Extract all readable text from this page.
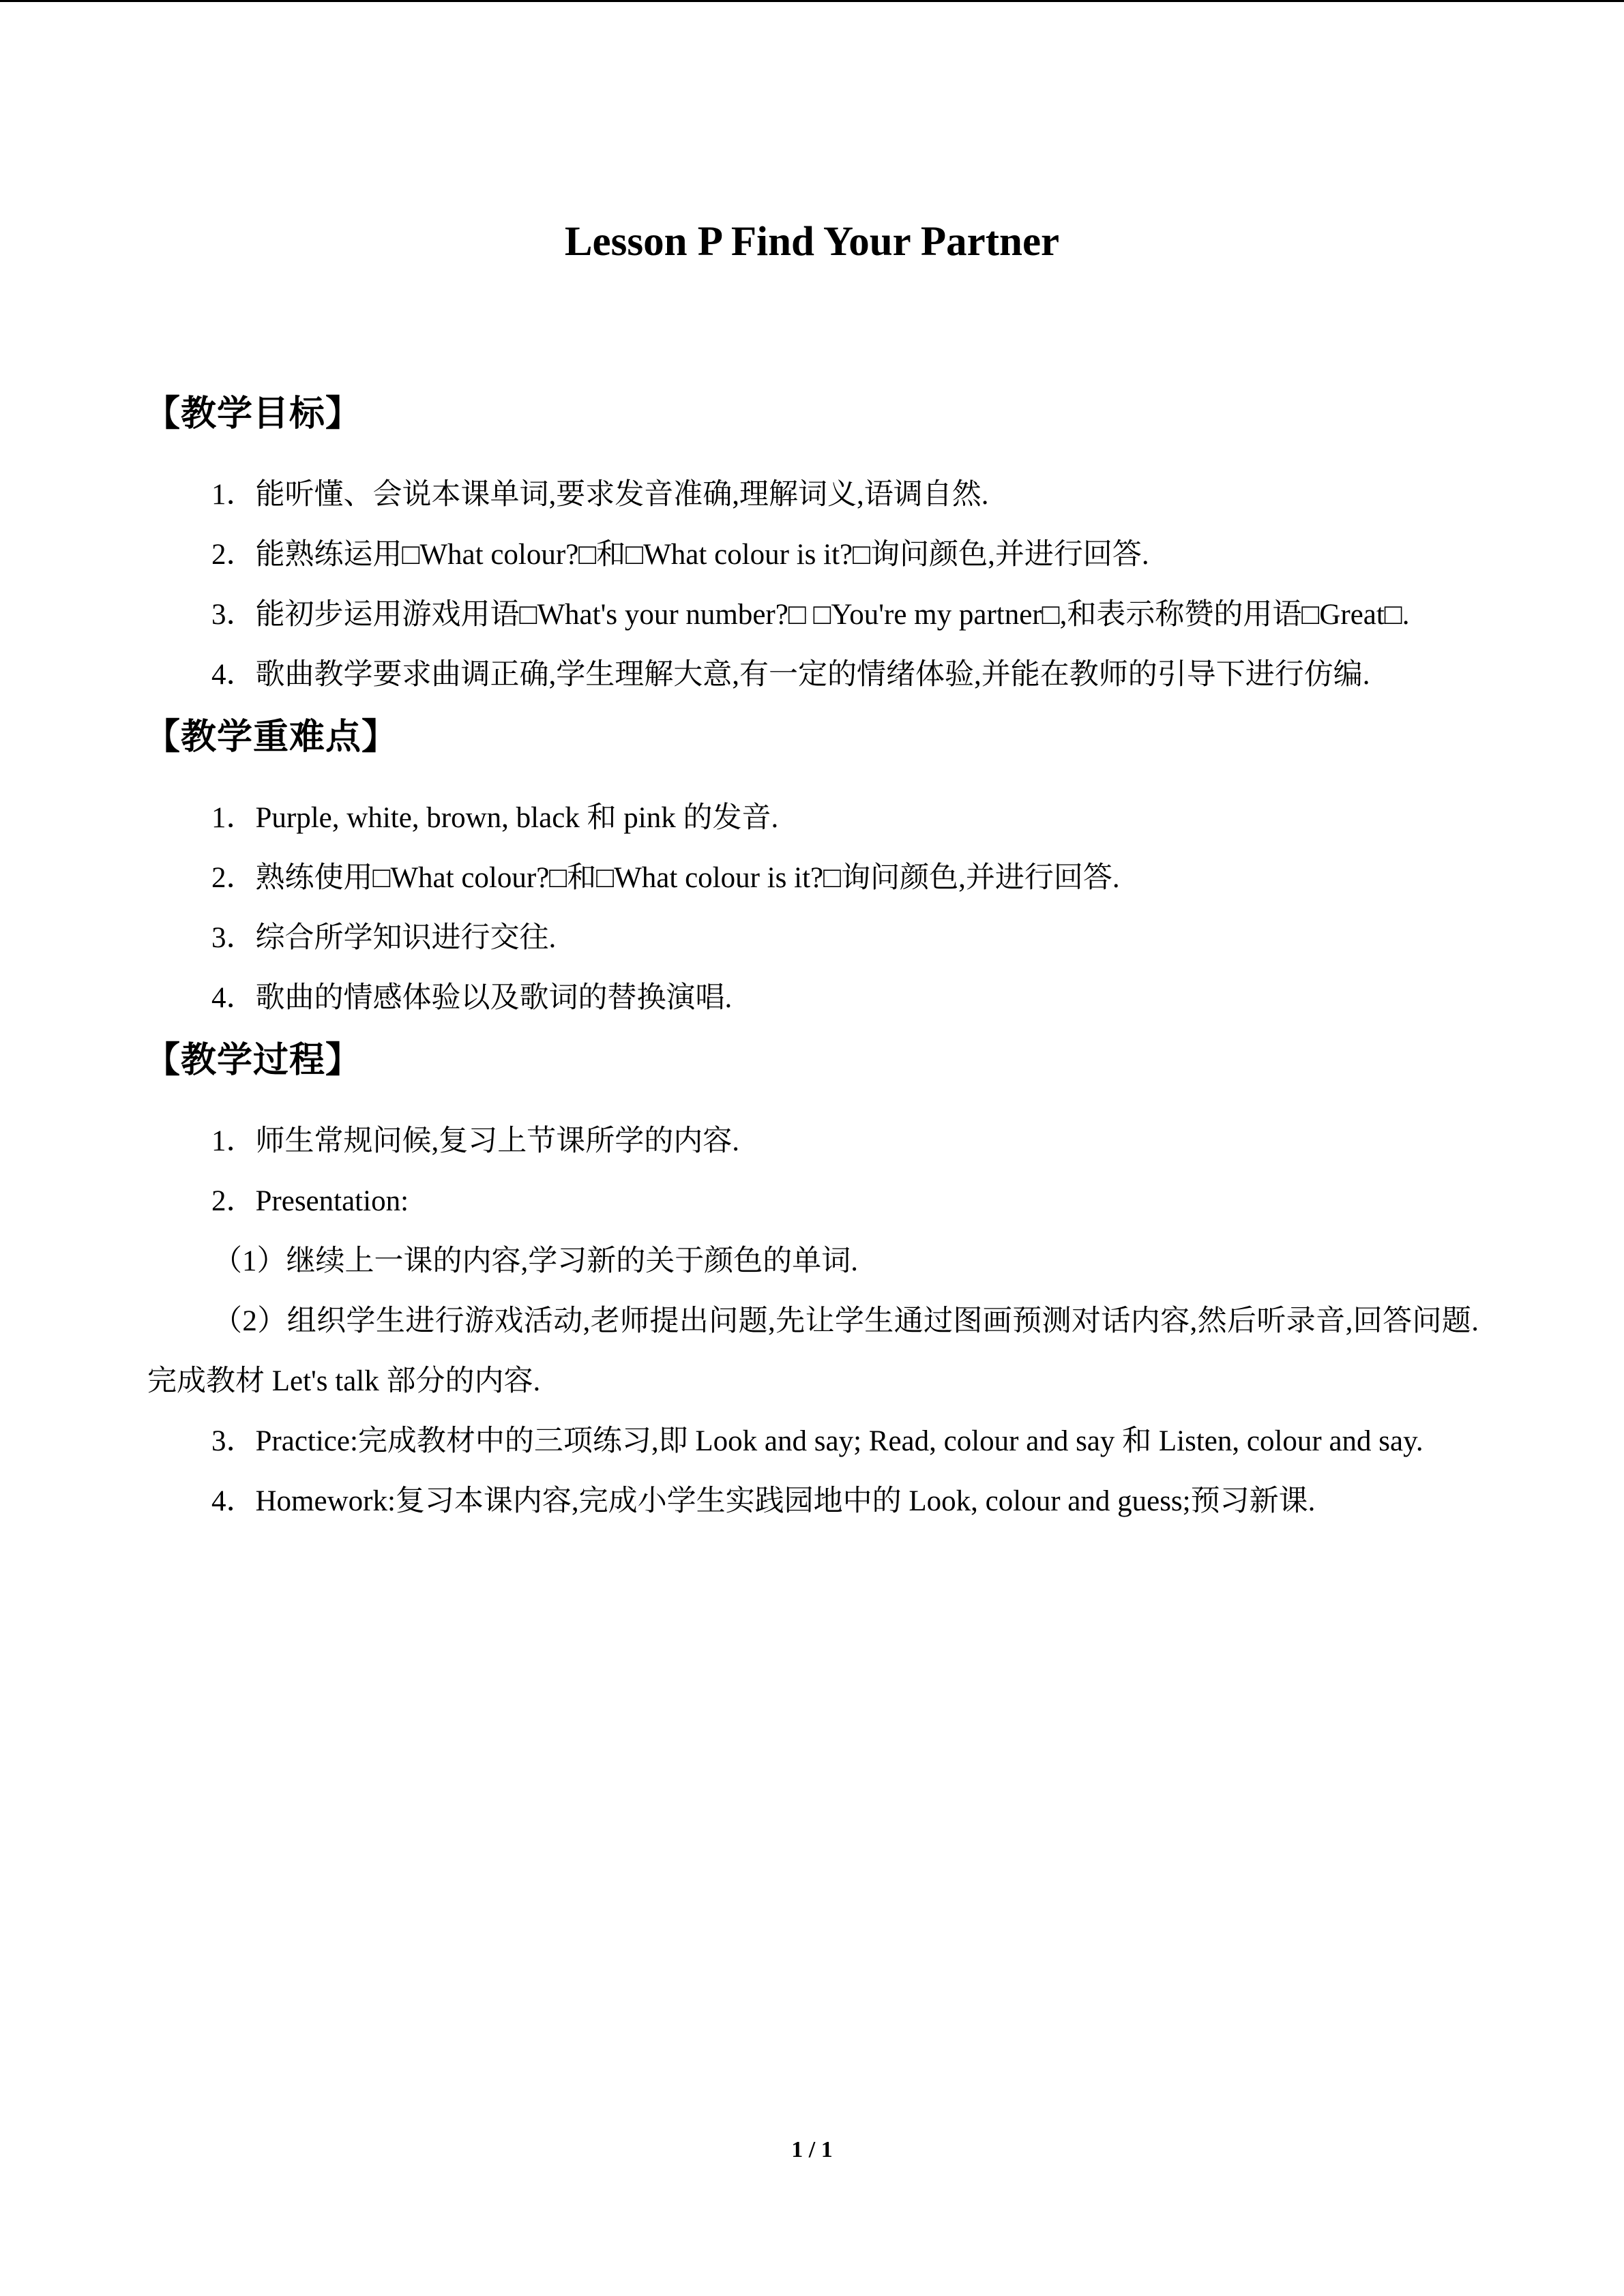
Lesson P Find Your Partner
【教学目标】

1．能听懂、会说本课单词,要求发音准确,理解词义,语调自然.

2．能熟练运用□What colour?□和□What colour is it?□询问颜色,并进行回答.

3．能初步运用游戏用语□What's your number?□ □You're my partner□,和表示称赞的用语□Great□.

4．歌曲教学要求曲调正确,学生理解大意,有一定的情绪体验,并能在教师的引导下进行仿编.

【教学重难点】

1．Purple, white, brown, black 和 pink 的发音.

2．熟练使用□What colour?□和□What colour is it?□询问颜色,并进行回答.

3．综合所学知识进行交往.

4．歌曲的情感体验以及歌词的替换演唱.

【教学过程】

1．师生常规问候,复习上节课所学的内容.

2．Presentation:

（1）继续上一课的内容,学习新的关于颜色的单词.

（2）组织学生进行游戏活动,老师提出问题,先让学生通过图画预测对话内容,然后听录音,回答问题.完成教材 Let's talk 部分的内容.

3．Practice:完成教材中的三项练习,即 Look and say; Read, colour and say 和 Listen, colour and say.

4．Homework:复习本课内容,完成小学生实践园地中的 Look, colour and guess;预习新课.

1 / 1
